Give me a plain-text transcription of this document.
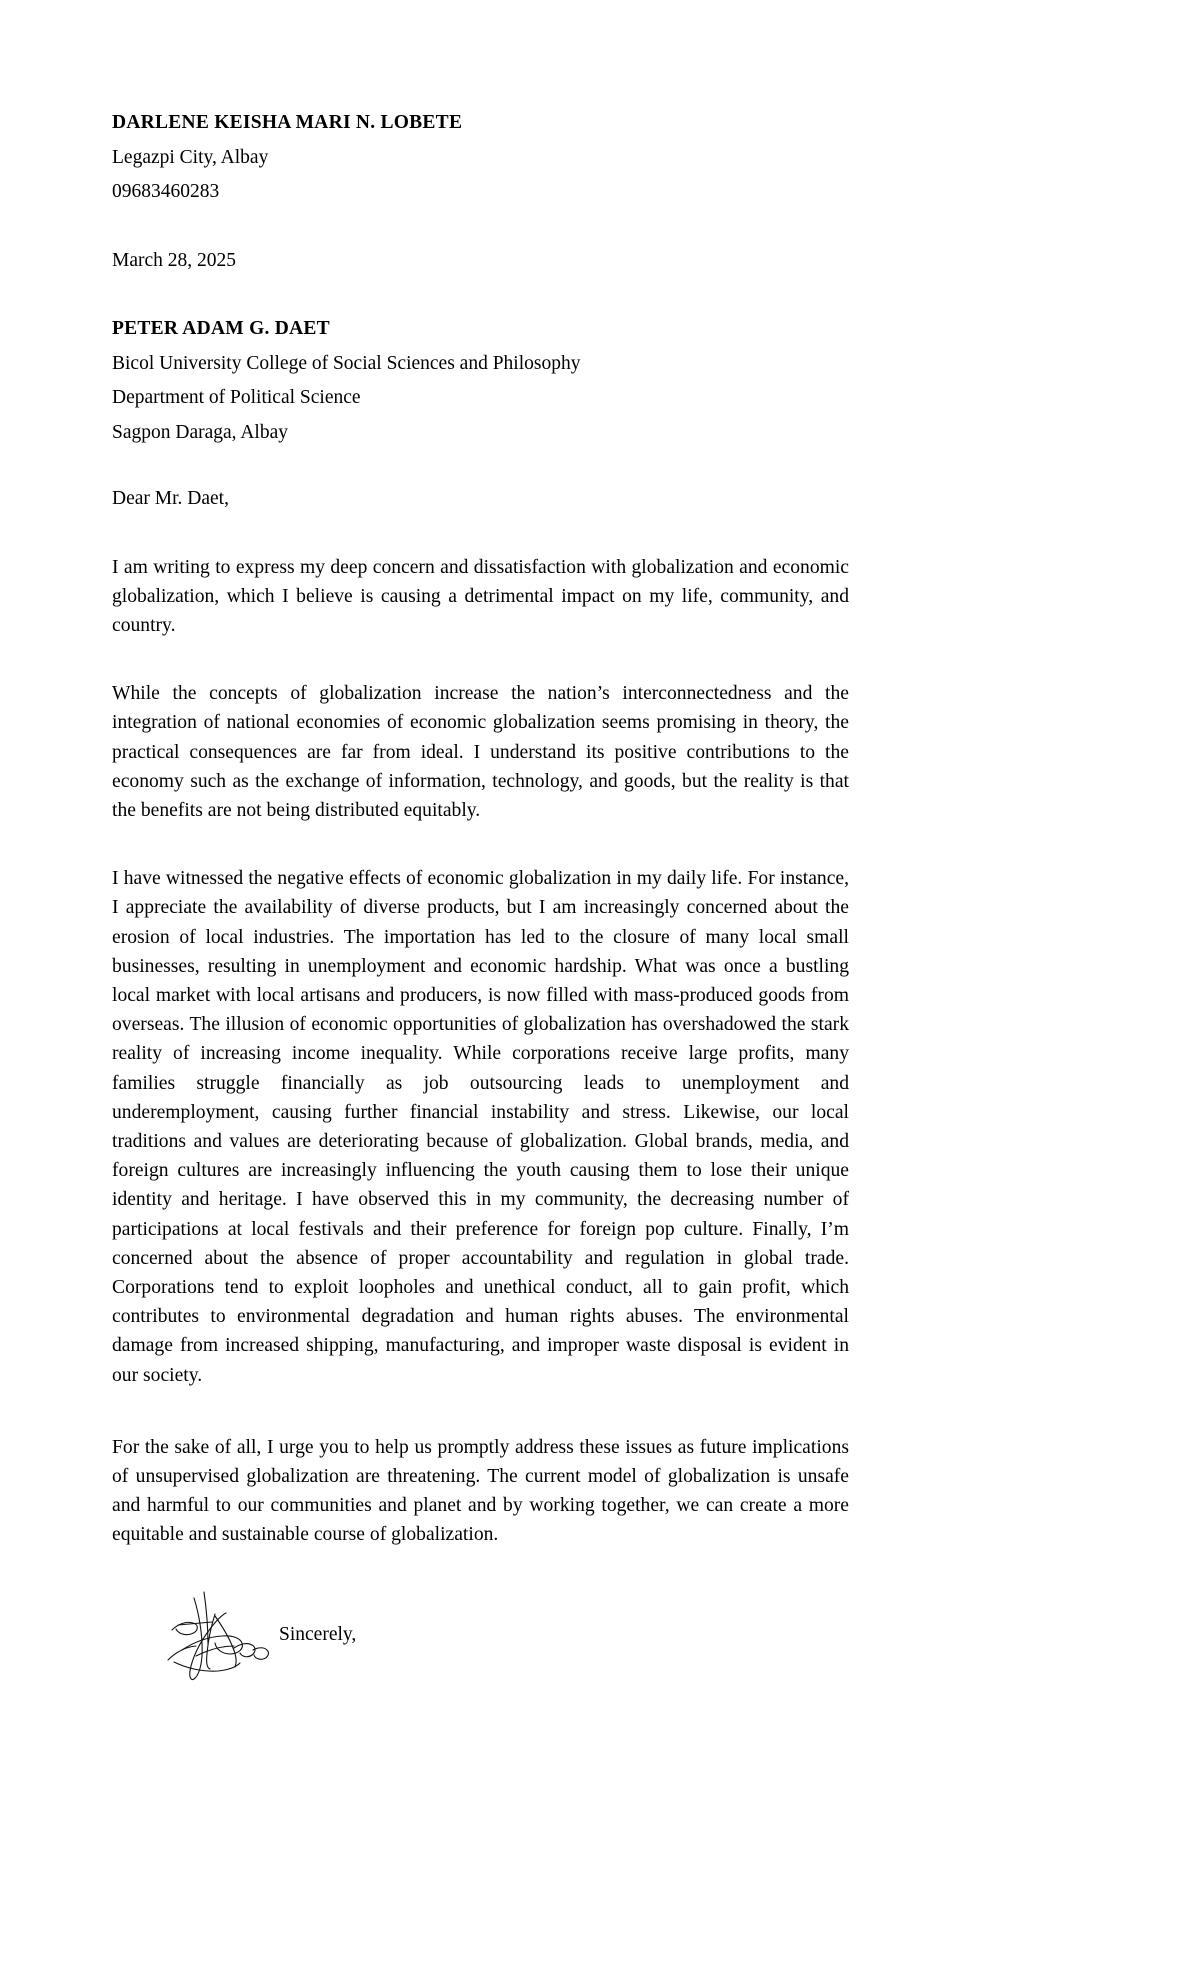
DARLENE KEISHA MARI N. LOBETE
Legazpi City, Albay
09683460283
March 28, 2025
PETER ADAM G. DAET
Bicol University College of Social Sciences and Philosophy
Department of Political Science
Sagpon Daraga, Albay
Dear Mr. Daet,

I am writing to express my deep concern and dissatisfaction with globalization and economic globalization, which I believe is causing a detrimental impact on my life, community, and country.

While the concepts of globalization increase the nation’s interconnectedness and the integration of national economies of economic globalization seems promising in theory, the practical consequences are far from ideal. I understand its positive contributions to the economy such as the exchange of information, technology, and goods, but the reality is that the benefits are not being distributed equitably.

I have witnessed the negative effects of economic globalization in my daily life. For instance, I appreciate the availability of diverse products, but I am increasingly concerned about the erosion of local industries. The importation has led to the closure of many local small businesses, resulting in unemployment and economic hardship. What was once a bustling local market with local artisans and producers, is now filled with mass-produced goods from overseas. The illusion of economic opportunities of globalization has overshadowed the stark reality of increasing income inequality. While corporations receive large profits, many families struggle financially as job outsourcing leads to unemployment and underemployment, causing further financial instability and stress. Likewise, our local traditions and values are deteriorating because of globalization. Global brands, media, and foreign cultures are increasingly influencing the youth causing them to lose their unique identity and heritage. I have observed this in my community, the decreasing number of participations at local festivals and their preference for foreign pop culture. Finally, I’m concerned about the absence of proper accountability and regulation in global trade. Corporations tend to exploit loopholes and unethical conduct, all to gain profit, which contributes to environmental degradation and human rights abuses. The environmental damage from increased shipping, manufacturing, and improper waste disposal is evident in our society.

For the sake of all, I urge you to help us promptly address these issues as future implications of unsupervised globalization are threatening. The current model of globalization is unsafe and harmful to our communities and planet and by working together, we can create a more equitable and sustainable course of globalization.

Sincerely,
